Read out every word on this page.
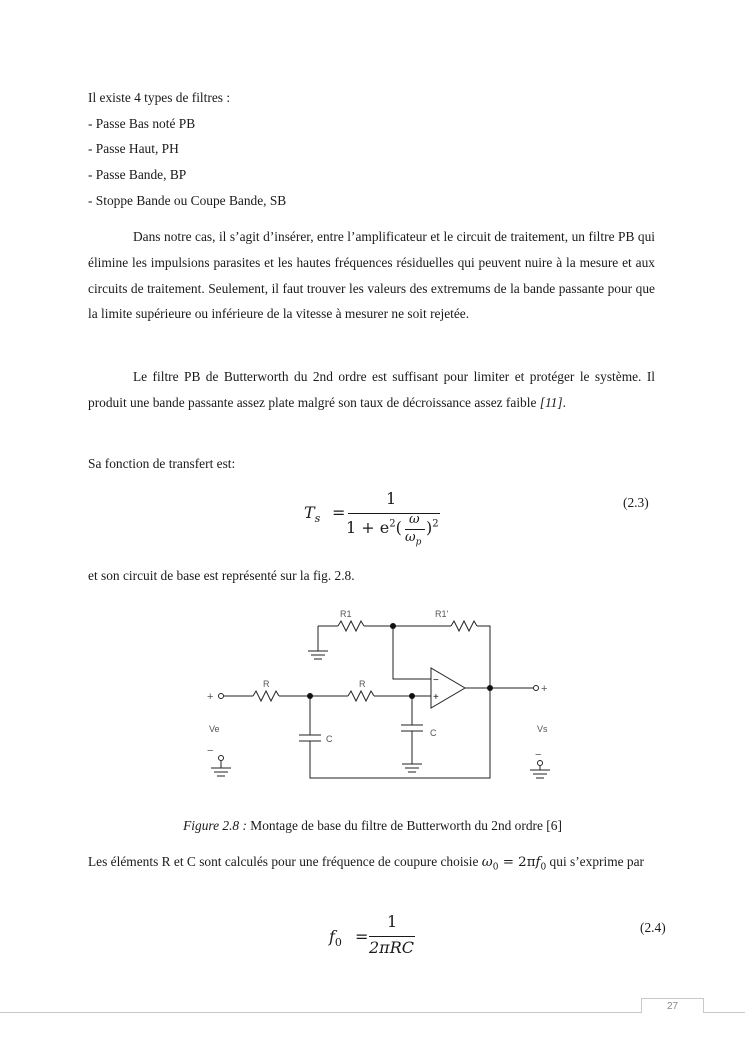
Il existe 4 types de filtres :
- Passe Bas noté PB
- Passe Haut, PH
- Passe Bande, BP
- Stoppe Bande ou Coupe Bande, SB

Dans notre cas, il s’agit d’insérer, entre l’amplificateur et le circuit de traitement, un filtre PB qui élimine les impulsions parasites et les hautes fréquences résiduelles qui peuvent nuire à la mesure et aux circuits de traitement. Seulement, il faut trouver les valeurs des extremums de la bande passante pour que la limite supérieure ou inférieure de la vitesse à mesurer ne soit rejetée.

Le filtre PB de Butterworth du 2nd ordre est suffisant pour limiter et protéger le système. Il produit une bande passante assez plate malgré son taux de décroissance assez faible [11].

Sa fonction de transfert est:
$T_s$ =
1
$1 + e^2$( ω
$\omega_p$
)$^2$
(2.3)
et son circuit de base est représenté sur la fig. 2.8.
R1	R1'
R	R
C
C
Ve	Vs
+
−
+
−
−
+
Figure 2.8 : Montage de base du filtre de Butterworth du 2nd ordre [6]

Les éléments R et C sont calculés pour une fréquence de coupure choisie $\omega_0 = 2\pi f_0$ qui s’exprime par

$f_0$ =
1
2πRC
(2.4)
27
